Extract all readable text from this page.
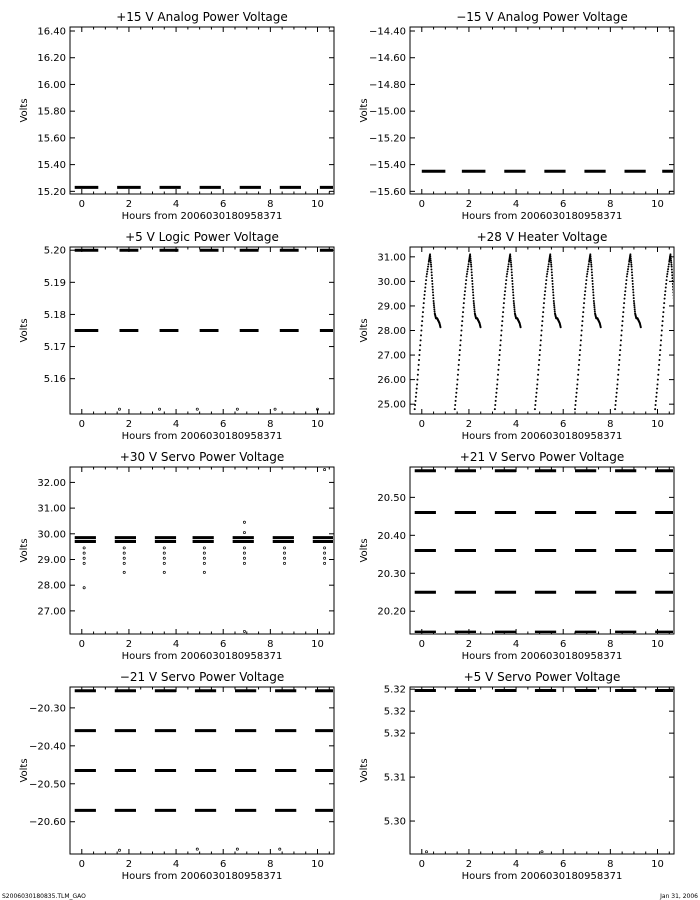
+15 V Analog Power Voltage
0	2	4	6	8	10
15.20
15.40
15.60
15.80
16.00
16.20
16.40
Hours from 2006030180958371
Volts
−15 V Analog Power Voltage
0	2	4	6	8	10
−15.60
−15.40
−15.20
−15.00
−14.80
−14.60
−14.40
Hours from 2006030180958371
Volts
+5 V Logic Power Voltage
0	2	4	6	8	10
5.16
5.17
5.18
5.19
5.20
Hours from 2006030180958371
Volts
+28 V Heater Voltage
0	2	4	6	8	10
25.00
26.00
27.00
28.00
29.00
30.00
31.00
Hours from 2006030180958371
Volts
+30 V Servo Power Voltage
0	2	4	6	8	10
27.00
28.00
29.00
30.00
31.00
32.00
Hours from 2006030180958371
Volts
+21 V Servo Power Voltage
0	2	4	6	8	10
20.20
20.30
20.40
20.50
Hours from 2006030180958371
Volts
−21 V Servo Power Voltage
0	2	4	6	8	10
−20.60
−20.50
−20.40
−20.30
Hours from 2006030180958371
Volts
+5 V Servo Power Voltage
0	2	4	6	8	10
5.30
5.31
5.32
5.32
5.32
Hours from 2006030180958371
Volts
S2006030180835.TLM_GAO	Jan 31, 2006
